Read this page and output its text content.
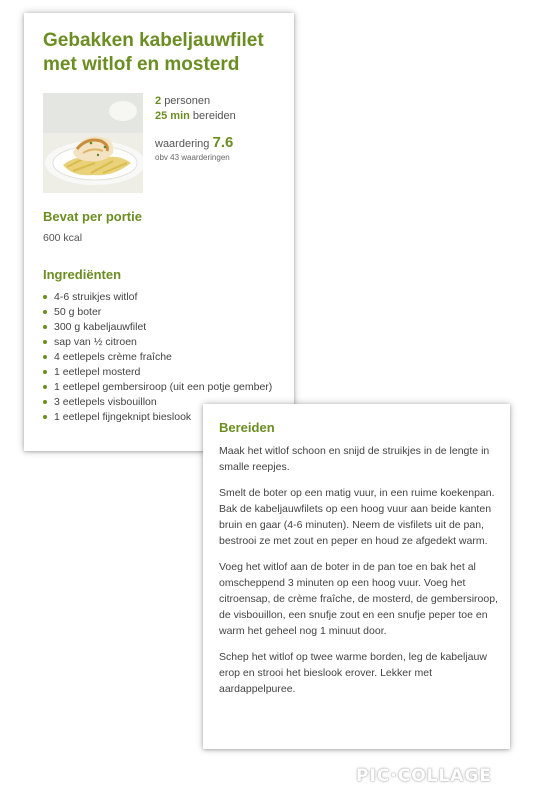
Gebakken kabeljauwfilet met witlof en mosterd
2 personen
25 min bereiden
waardering 7.6
obv 43 waarderingen
Bevat per portie
600 kcal
Ingrediënten
4-6 struikjes witlof
50 g boter
300 g kabeljauwfilet
sap van ½ citroen
4 eetlepels crème fraîche
1 eetlepel mosterd
1 eetlepel gembersiroop (uit een potje gember)
3 eetlepels visbouillon
1 eetlepel fijngeknipt bieslook
Bereiden

Maak het witlof schoon en snijd de struikjes in de lengte in smalle reepjes.

Smelt de boter op een matig vuur, in een ruime koekenpan. Bak de kabeljauwfilets op een hoog vuur aan beide kanten bruin en gaar (4-6 minuten). Neem de visfilets uit de pan, bestrooi ze met zout en peper en houd ze afgedekt warm.

Voeg het witlof aan de boter in de pan toe en bak het al omscheppend 3 minuten op een hoog vuur. Voeg het citroensap, de crème fraîche, de mosterd, de gembersiroop, de visbouillon, een snufje zout en een snufje peper toe en warm het geheel nog 1 minuut door.

Schep het witlof op twee warme borden, leg de kabeljauw erop en strooi het bieslook erover. Lekker met aardappelpuree.

PIC·COLLAGE
